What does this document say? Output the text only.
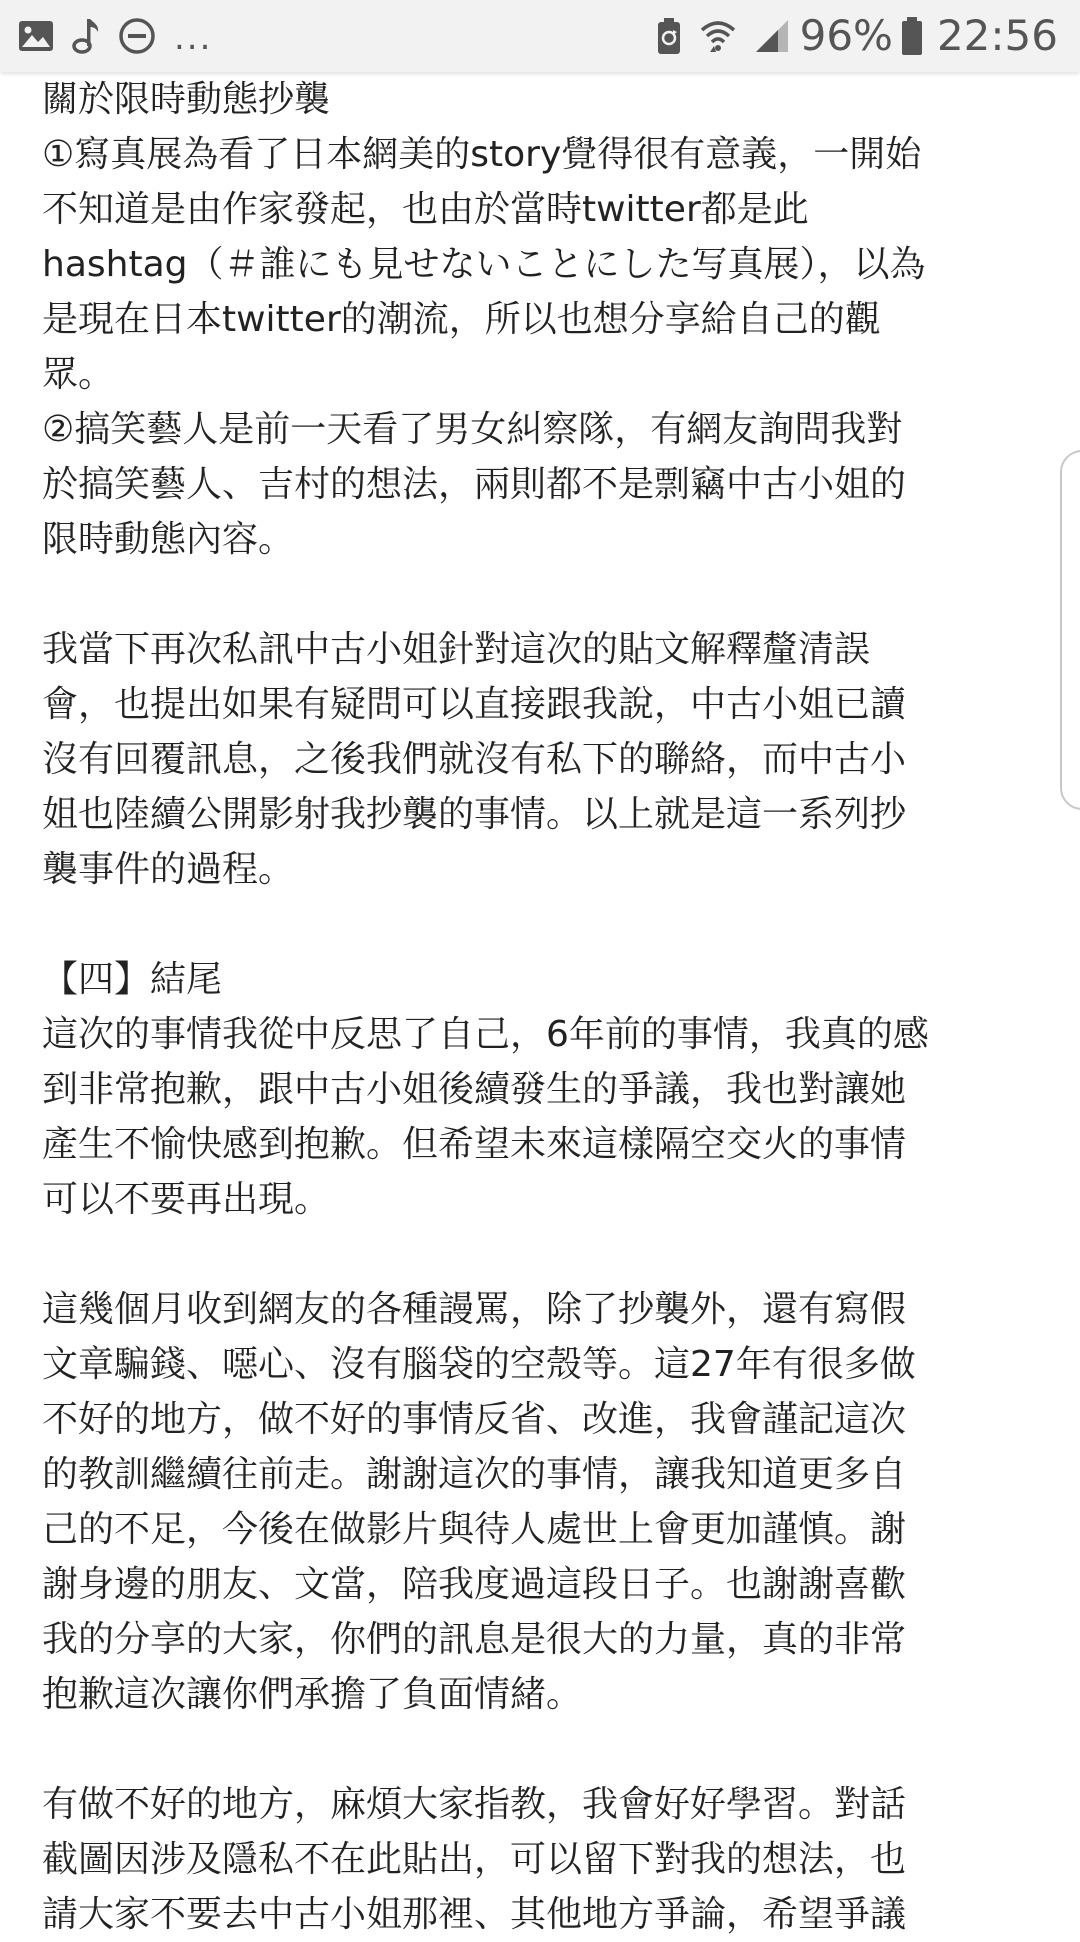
...	96% 22:56

關於限時動態抄襲
①寫真展為看了日本網美的story覺得很有意義，一開始
不知道是由作家發起，也由於當時twitter都是此
hashtag（＃誰にも見せないことにした写真展），以為
是現在日本twitter的潮流，所以也想分享給自己的觀
眾。
②搞笑藝人是前一天看了男女糾察隊，有網友詢問我對
於搞笑藝人、吉村的想法，兩則都不是剽竊中古小姐的
限時動態內容。

我當下再次私訊中古小姐針對這次的貼文解釋釐清誤
會，也提出如果有疑問可以直接跟我說，中古小姐已讀
沒有回覆訊息，之後我們就沒有私下的聯絡，而中古小
姐也陸續公開影射我抄襲的事情。以上就是這一系列抄
襲事件的過程。

【四】結尾
這次的事情我從中反思了自己，6年前的事情，我真的感
到非常抱歉，跟中古小姐後續發生的爭議，我也對讓她
產生不愉快感到抱歉。但希望未來這樣隔空交火的事情
可以不要再出現。

這幾個月收到網友的各種謾罵，除了抄襲外，還有寫假
文章騙錢、噁心、沒有腦袋的空殼等。這27年有很多做
不好的地方，做不好的事情反省、改進，我會謹記這次
的教訓繼續往前走。謝謝這次的事情，讓我知道更多自
己的不足，今後在做影片與待人處世上會更加謹慎。謝
謝身邊的朋友、文當，陪我度過這段日子。也謝謝喜歡
我的分享的大家，你們的訊息是很大的力量，真的非常
抱歉這次讓你們承擔了負面情緒。

有做不好的地方，麻煩大家指教，我會好好學習。對話
截圖因涉及隱私不在此貼出，可以留下對我的想法，也
請大家不要去中古小姐那裡、其他地方爭論，希望爭議
